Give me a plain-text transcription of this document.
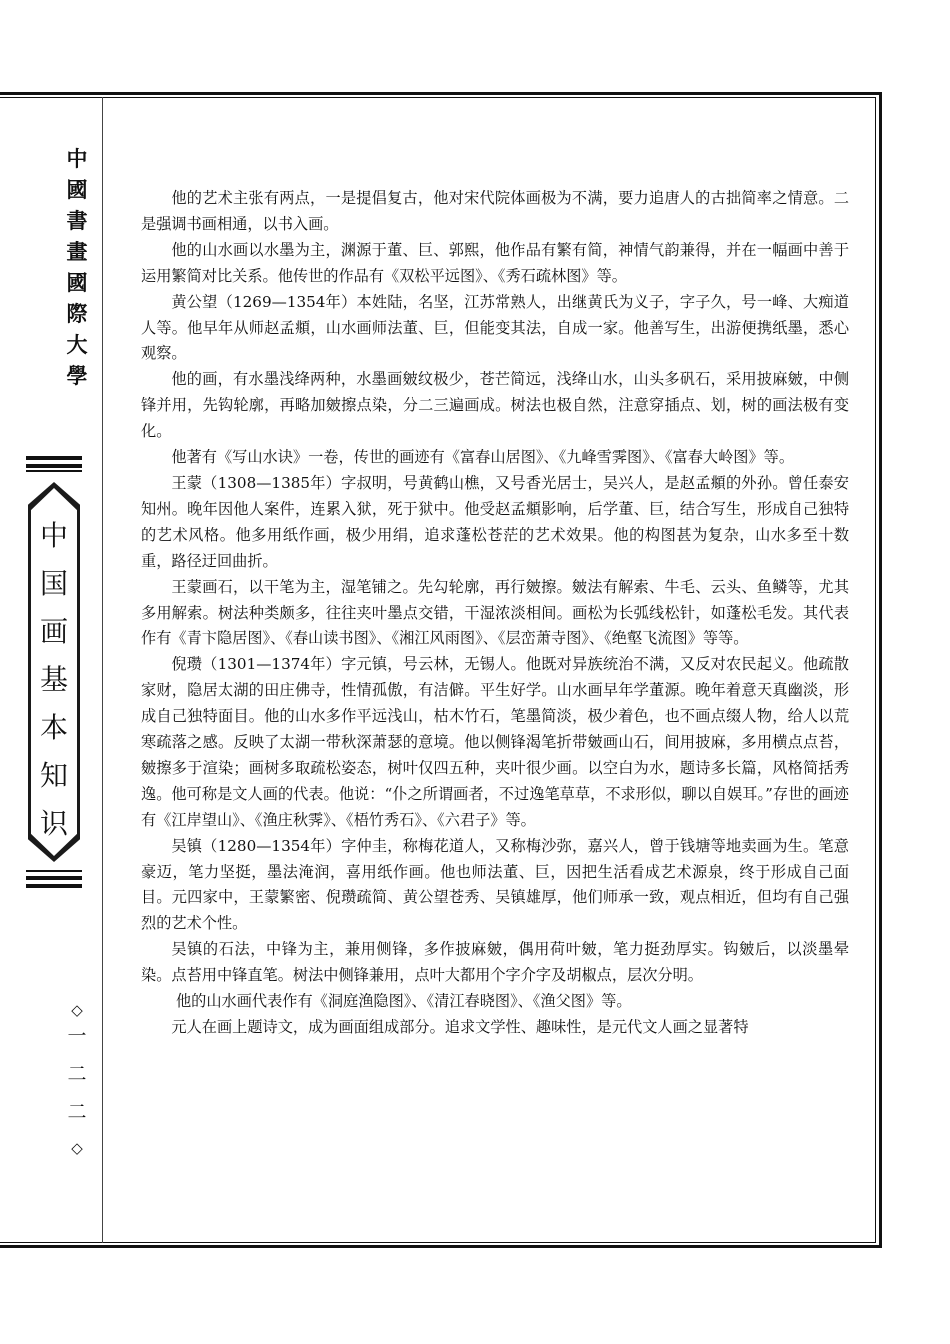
中
國
書
畫
國
際
大
學
中
国
画
基
本
知
识
◇
一
二
二
◇

他的艺术主张有两点，一是提倡复古，他对宋代院体画极为不满，要力追唐人的古拙简率之情意。二是强调书画相通，以书入画。

他的山水画以水墨为主，渊源于董、巨、郭熙，他作品有繁有简，神情气韵兼得，并在一幅画中善于运用繁简对比关系。他传世的作品有《双松平远图》、《秀石疏林图》等。

黄公望（1269—1354年）本姓陆，名坚，江苏常熟人，出继黄氏为义子，字子久，号一峰、大痴道人等。他早年从师赵孟頫，山水画师法董、巨，但能变其法，自成一家。他善写生，出游便携纸墨，悉心观察。

他的画，有水墨浅绛两种，水墨画皴纹极少，苍芒简远，浅绛山水，山头多矾石，采用披麻皴，中侧锋并用，先钩轮廓，再略加皴擦点染，分二三遍画成。树法也极自然，注意穿插点、划，树的画法极有变化。

他著有《写山水诀》一卷，传世的画迹有《富春山居图》、《九峰雪霁图》、《富春大岭图》等。

王蒙（1308—1385年）字叔明，号黄鹤山樵，又号香光居士，吴兴人，是赵孟頫的外孙。曾任泰安知州。晚年因他人案件，连累入狱，死于狱中。他受赵孟頫影响，后学董、巨，结合写生，形成自己独特的艺术风格。他多用纸作画，极少用绢，追求蓬松苍茫的艺术效果。他的构图甚为复杂，山水多至十数重，路径迂回曲折。

王蒙画石，以干笔为主，湿笔铺之。先勾轮廓，再行皴擦。皴法有解索、牛毛、云头、鱼鳞等，尤其多用解索。树法种类颇多，往往夹叶墨点交错，干湿浓淡相间。画松为长弧线松针，如蓬松毛发。其代表作有《青卞隐居图》、《春山读书图》、《湘江风雨图》、《层峦萧寺图》、《绝壑飞流图》等等。

倪瓒（1301—1374年）字元镇，号云林，无锡人。他既对异族统治不满，又反对农民起义。他疏散家财，隐居太湖的田庄佛寺，性情孤傲，有洁僻。平生好学。山水画早年学董源。晚年着意天真幽淡，形成自己独特面目。他的山水多作平远浅山，枯木竹石，笔墨简淡，极少着色，也不画点缀人物，给人以荒寒疏落之感。反映了太湖一带秋深萧瑟的意境。他以侧锋渴笔折带皴画山石，间用披麻，多用横点点苔，皴擦多于渲染；画树多取疏松姿态，树叶仅四五种，夹叶很少画。以空白为水，题诗多长篇，风格简括秀逸。他可称是文人画的代表。他说：“仆之所谓画者，不过逸笔草草，不求形似，聊以自娱耳。”存世的画迹有《江岸望山》、《渔庄秋霁》、《梧竹秀石》、《六君子》等。

吴镇（1280—1354年）字仲圭，称梅花道人，又称梅沙弥，嘉兴人，曾于钱塘等地卖画为生。笔意豪迈，笔力坚挺，墨法淹润，喜用纸作画。他也师法董、巨，因把生活看成艺术源泉，终于形成自己面目。元四家中，王蒙繁密、倪瓒疏简、黄公望苍秀、吴镇雄厚，他们师承一致，观点相近，但均有自己强烈的艺术个性。

吴镇的石法，中锋为主，兼用侧锋，多作披麻皴，偶用荷叶皴，笔力挺劲厚实。钩皴后，以淡墨晕染。点苔用中锋直笔。树法中侧锋兼用，点叶大都用个字介字及胡椒点，层次分明。

他的山水画代表作有《洞庭渔隐图》、《清江春晓图》、《渔父图》等。

元人在画上题诗文，成为画面组成部分。追求文学性、趣味性，是元代文人画之显著特
